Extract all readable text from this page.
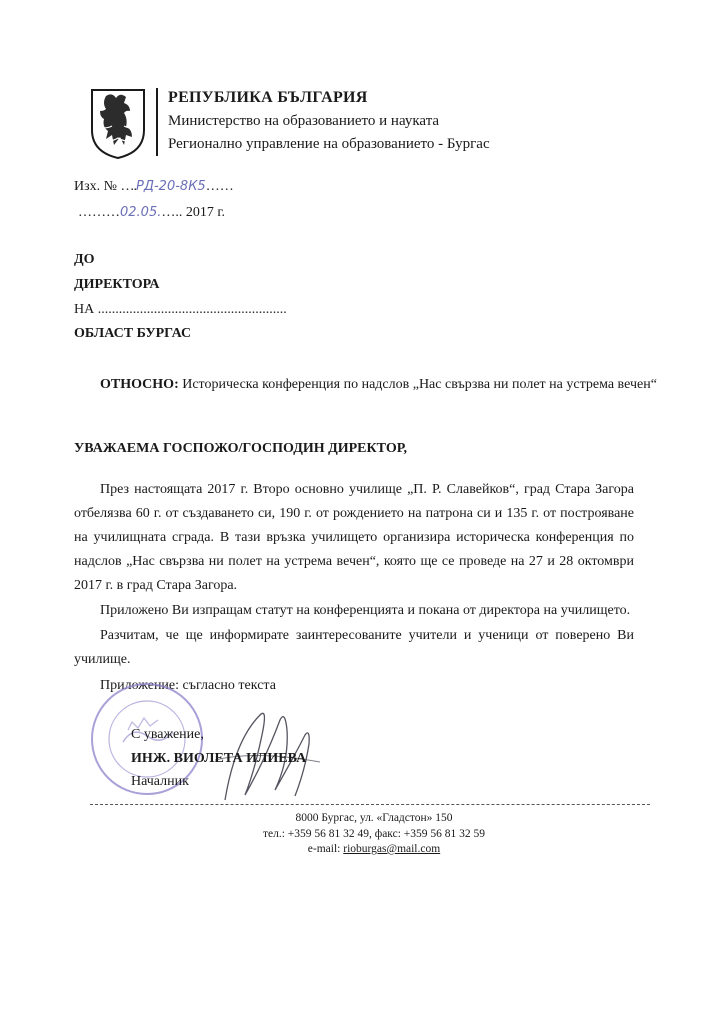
РЕПУБЛИКА БЪЛГАРИЯ
Министерство на образованието и науката
Регионално управление на образованието - Бургас
Изх. № ….РД-20-8К5……
………02.05.….. 2017 г.
ДО
ДИРЕКТОРА
НА ......................................................
ОБЛАСТ БУРГАС
ОТНОСНО: Историческа конференция по надслов „Нас свързва ни полет на устрема вечен“
УВАЖАЕМА ГОСПОЖО/ГОСПОДИН ДИРЕКТОР,
През настоящата 2017 г. Второ основно училище „П. Р. Славейков“, град Стара Загора отбелязва 60 г. от създаването си, 190 г. от рождението на патрона си и 135 г. от построяване на училищната сграда. В тази връзка училището организира историческа конференция по надслов „Нас свързва ни полет на устрема вечен“, която ще се проведе на 27 и 28 октомври 2017 г. в град Стара Загора.
Приложено Ви изпращам статут на конференцията и покана от директора на училището.
Разчитам, че ще информирате заинтересованите учители и ученици от поверено Ви училище.
Приложение: съгласно текста
С уважение,
ИНЖ. ВИОЛЕТА ИЛИЕВА
Началник
8000 Бургас, ул. «Гладстон» 150
тел.: +359 56 81 32 49, факс: +359 56 81 32 59
e-mail: rioburgas@mail.com
